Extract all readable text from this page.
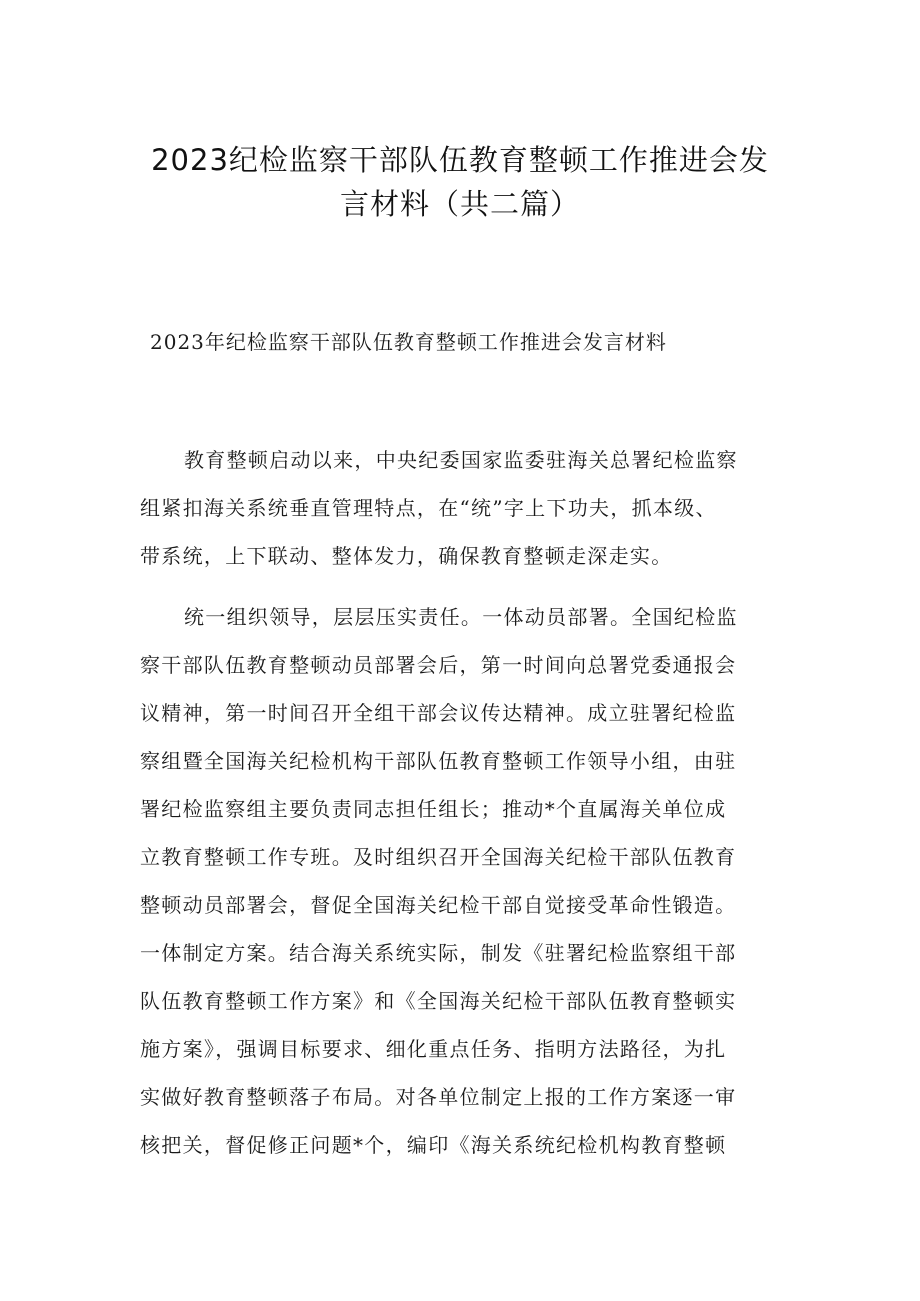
2023纪检监察干部队伍教育整顿工作推进会发
言材料（共二篇）

2023年纪检监察干部队伍教育整顿工作推进会发言材料

教育整顿启动以来，中央纪委国家监委驻海关总署纪检监察
组紧扣海关系统垂直管理特点，在“统”字上下功夫，抓本级、
带系统，上下联动、整体发力，确保教育整顿走深走实。

统一组织领导，层层压实责任。一体动员部署。全国纪检监
察干部队伍教育整顿动员部署会后，第一时间向总署党委通报会
议精神，第一时间召开全组干部会议传达精神。成立驻署纪检监
察组暨全国海关纪检机构干部队伍教育整顿工作领导小组，由驻
署纪检监察组主要负责同志担任组长；推动*个直属海关单位成
立教育整顿工作专班。及时组织召开全国海关纪检干部队伍教育
整顿动员部署会，督促全国海关纪检干部自觉接受革命性锻造。
一体制定方案。结合海关系统实际，制发《驻署纪检监察组干部
队伍教育整顿工作方案》和《全国海关纪检干部队伍教育整顿实
施方案》，强调目标要求、细化重点任务、指明方法路径，为扎
实做好教育整顿落子布局。对各单位制定上报的工作方案逐一审
核把关，督促修正问题*个，编印《海关系统纪检机构教育整顿
